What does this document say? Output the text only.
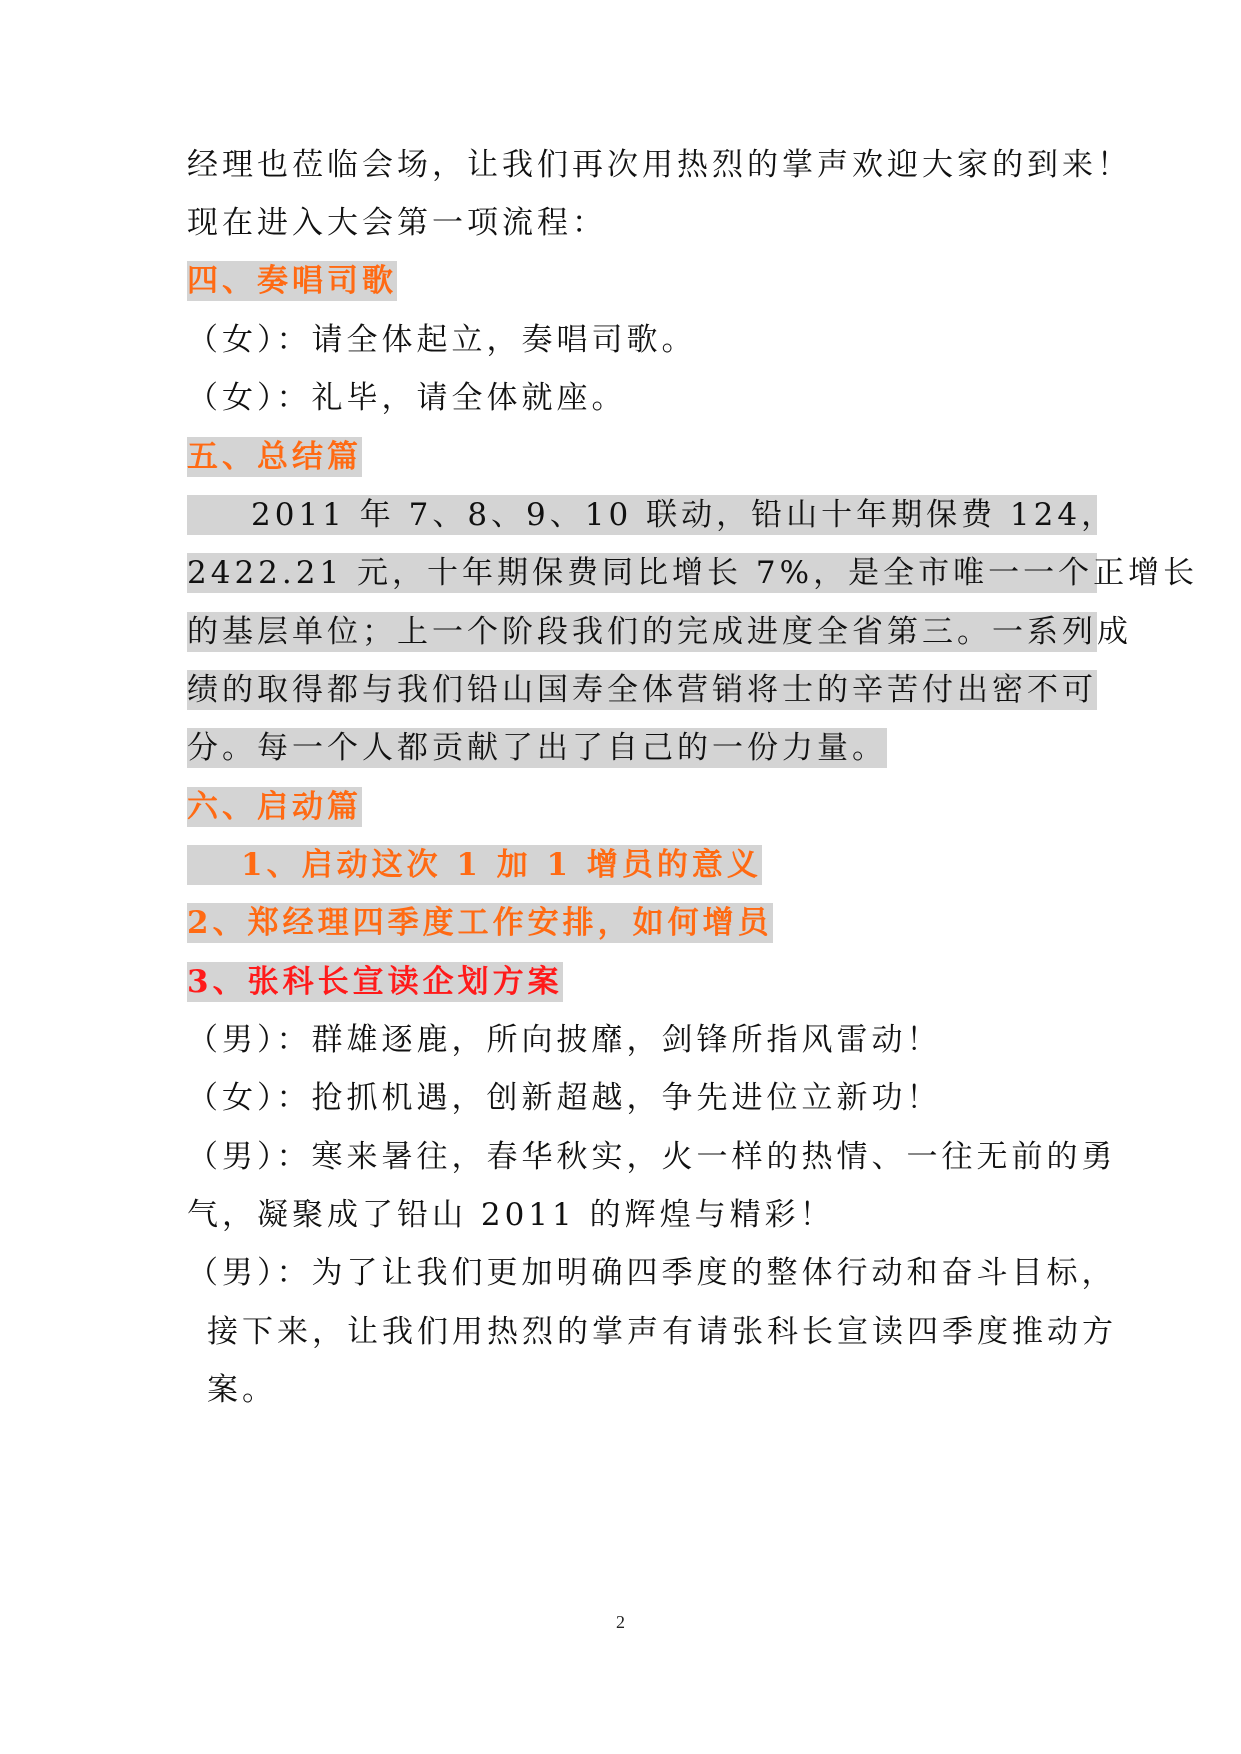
经理也莅临会场，让我们再次用热烈的掌声欢迎大家的到来！
现在进入大会第一项流程：
四、奏唱司歌
（女）：请全体起立，奏唱司歌。
（女）：礼毕，请全体就座。
五、总结篇
2011 年 7、8、9、10 联动，铅山十年期保费 124，
2422.21 元，十年期保费同比增长 7%，是全市唯一一个正增长
的基层单位；上一个阶段我们的完成进度全省第三。一系列成
绩的取得都与我们铅山国寿全体营销将士的辛苦付出密不可
分。每一个人都贡献了出了自己的一份力量。
六、启动篇
1、启动这次 1 加 1 增员的意义
2、郑经理四季度工作安排，如何增员
3、张科长宣读企划方案
（男）：群雄逐鹿，所向披靡，剑锋所指风雷动！
（女）：抢抓机遇，创新超越，争先进位立新功！
（男）：寒来暑往，春华秋实，火一样的热情、一往无前的勇
气，凝聚成了铅山 2011 的辉煌与精彩！
（男）：为了让我们更加明确四季度的整体行动和奋斗目标，
接下来，让我们用热烈的掌声有请张科长宣读四季度推动方
案。
2
